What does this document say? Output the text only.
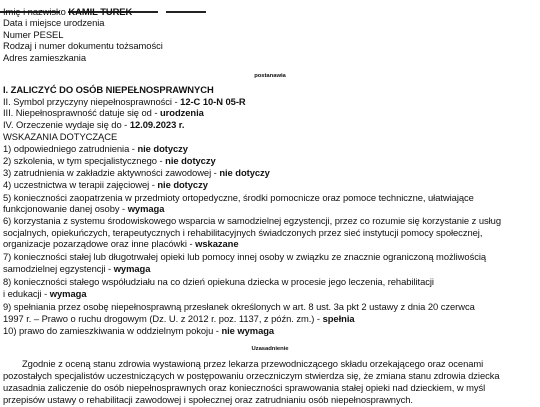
Imię i nazwisko KAMIL TUREK
Data i miejsce urodzenia
Numer PESEL
Rodzaj i numer dokumentu tożsamości
Adres zamieszkania
postanawia
I. ZALICZYĆ DO OSÓB NIEPEŁNOSPRAWNYCH
II. Symbol przyczyny niepełnosprawności - 12-C 10-N 05-R
III. Niepełnosprawność datuje się od - urodzenia
IV. Orzeczenie wydaje się do - 12.09.2023 r.
WSKAZANIA DOTYCZĄCE
1) odpowiedniego zatrudnienia - nie dotyczy
2) szkolenia, w tym specjalistycznego - nie dotyczy
3) zatrudnienia w zakładzie aktywności zawodowej - nie dotyczy
4) uczestnictwa w terapii zajęciowej - nie dotyczy
5) konieczności zaopatrzenia w przedmioty ortopedyczne, środki pomocnicze oraz pomoce techniczne, ułatwiające
funkcjonowanie danej osoby - wymaga
6) korzystania z systemu środowiskowego wsparcia w samodzielnej egzystencji, przez co rozumie się korzystanie z usług
socjalnych, opiekuńczych, terapeutycznych i rehabilitacyjnych świadczonych przez sieć instytucji pomocy społecznej,
organizacje pozarządowe oraz inne placówki - wskazane
7) konieczności stałej lub długotrwałej opieki lub pomocy innej osoby w związku ze znacznie ograniczoną możliwością
samodzielnej egzystencji - wymaga
8) konieczności stałego współudziału na co dzień opiekuna dziecka w procesie jego leczenia, rehabilitacji
i edukacji - wymaga
9) spełniania przez osobę niepełnosprawną przesłanek określonych w art. 8 ust. 3a pkt 2 ustawy z dnia 20 czerwca
1997 r. – Prawo o ruchu drogowym (Dz. U. z 2012 r. poz. 1137, z późn. zm.) - spełnia
10) prawo do zamieszkiwania w oddzielnym pokoju - nie wymaga
Uzasadnienie
Zgodnie z oceną stanu zdrowia wystawioną przez lekarza przewodniczącego składu orzekającego oraz ocenami
pozostałych specjalistów uczestniczących w postępowaniu orzeczniczym stwierdza się, że zmiana stanu zdrowia dziecka
uzasadnia zaliczenie do osób niepełnosprawnych oraz konieczności sprawowania stałej opieki nad dzieckiem, w myśl
przepisów ustawy o rehabilitacji zawodowej i społecznej oraz zatrudnianiu osób niepełnosprawnych.
